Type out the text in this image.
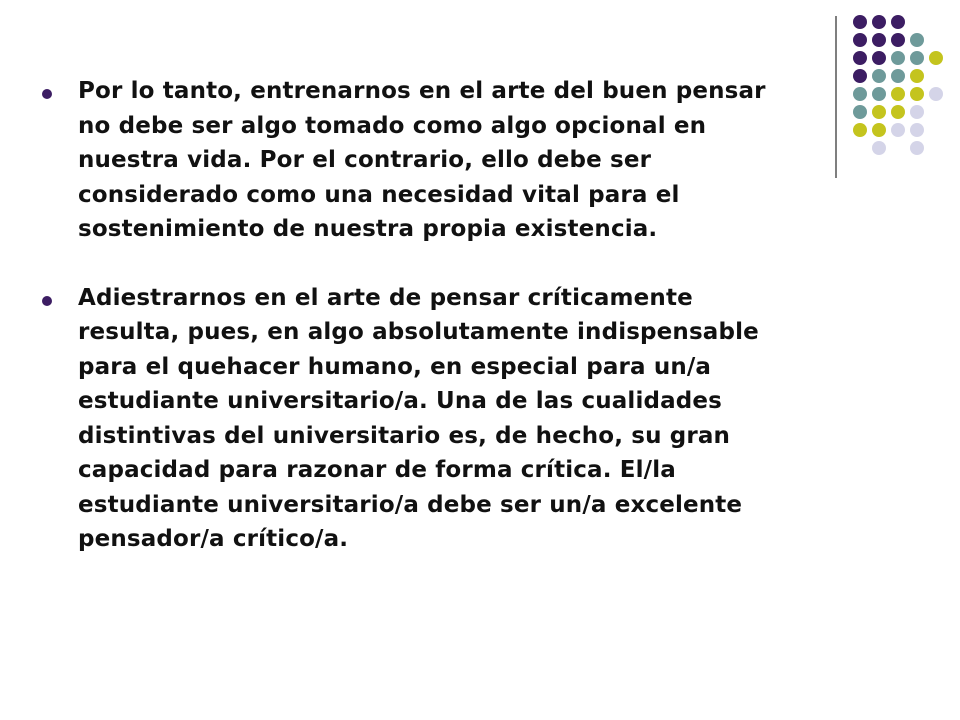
Por lo tanto, entrenarnos en el arte del buen pensar no debe ser algo tomado como algo opcional en nuestra vida. Por el contrario, ello debe ser considerado como una necesidad vital para el sostenimiento de nuestra propia existencia.
Adiestrarnos en el arte de pensar críticamente resulta, pues, en algo absolutamente indispensable para el quehacer humano, en especial para un/a estudiante universitario/a. Una de las cualidades distintivas del universitario es, de hecho, su gran capacidad para razonar de forma crítica. El/la estudiante universitario/a debe ser un/a excelente pensador/a crítico/a.
